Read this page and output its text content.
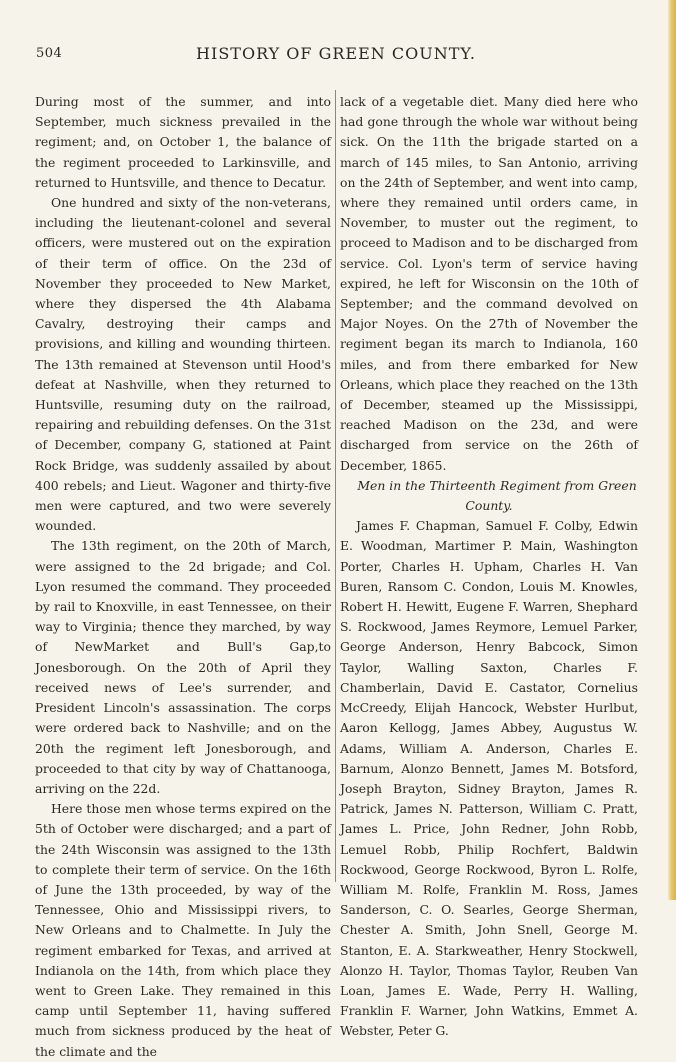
504	HISTORY OF GREEN COUNTY.

During most of the summer, and into September, much sickness prevailed in the regiment; and, on October 1, the balance of the regiment proceeded to Larkinsville, and returned to Huntsville, and thence to Decatur.

One hundred and sixty of the non-veterans, including the lieutenant-colonel and several officers, were mustered out on the expiration of their term of office. On the 23d of November they proceeded to New Market, where they dispersed the 4th Alabama Cavalry, destroying their camps and provisions, and killing and wounding thirteen. The 13th remained at Stevenson until Hood's defeat at Nashville, when they returned to Huntsville, resuming duty on the railroad, repairing and rebuilding defenses. On the 31st of December, company G, stationed at Paint Rock Bridge, was suddenly assailed by about 400 rebels; and Lieut. Wagoner and thirty-five men were captured, and two were severely wounded.

The 13th regiment, on the 20th of March, were assigned to the 2d brigade; and Col. Lyon resumed the command. They proceeded by rail to Knoxville, in east Tennessee, on their way to Virginia; thence they marched, by way of NewMarket and Bull's Gap,to Jonesborough. On the 20th of April they received news of Lee's surrender, and President Lincoln's assassination. The corps were ordered back to Nashville; and on the 20th the regiment left Jonesborough, and proceeded to that city by way of Chattanooga, arriving on the 22d.

Here those men whose terms expired on the 5th of October were discharged; and a part of the 24th Wisconsin was assigned to the 13th to complete their term of service. On the 16th of June the 13th proceeded, by way of the Tennessee, Ohio and Mississippi rivers, to New Orleans and to Chalmette. In July the regiment embarked for Texas, and arrived at Indianola on the 14th, from which place they went to Green Lake. They remained in this camp until September 11, having suffered much from sickness produced by the heat of the climate and the

lack of a vegetable diet. Many died here who had gone through the whole war without being sick. On the 11th the brigade started on a march of 145 miles, to San Antonio, arriving on the 24th of September, and went into camp, where they remained until orders came, in November, to muster out the regiment, to proceed to Madison and to be discharged from service. Col. Lyon's term of service having expired, he left for Wisconsin on the 10th of September; and the command devolved on Major Noyes. On the 27th of November the regiment began its march to Indianola, 160 miles, and from there embarked for New Orleans, which place they reached on the 13th of December, steamed up the Mississippi, reached Madison on the 23d, and were discharged from service on the 26th of December, 1865.

Men in the Thirteenth Regiment from Green County.

James F. Chapman, Samuel F. Colby, Edwin E. Woodman, Martimer P. Main, Washington Porter, Charles H. Upham, Charles H. Van Buren, Ransom C. Condon, Louis M. Knowles, Robert H. Hewitt, Eugene F. Warren, Shephard S. Rockwood, James Reymore, Lemuel Parker, George Anderson, Henry Babcock, Simon Taylor, Walling Saxton, Charles F. Chamberlain, David E. Castator, Cornelius McCreedy, Elijah Hancock, Webster Hurlbut, Aaron Kellogg, James Abbey, Augustus W. Adams, William A. Anderson, Charles E. Barnum, Alonzo Bennett, James M. Botsford, Joseph Brayton, Sidney Brayton, James R. Patrick, James N. Patterson, William C. Pratt, James L. Price, John Redner, John Robb, Lemuel Robb, Philip Rochfert, Baldwin Rockwood, George Rockwood, Byron L. Rolfe, William M. Rolfe, Franklin M. Ross, James Sanderson, C. O. Searles, George Sherman, Chester A. Smith, John Snell, George M. Stanton, E. A. Starkweather, Henry Stockwell, Alonzo H. Taylor, Thomas Taylor, Reuben Van Loan, James E. Wade, Perry H. Walling, Franklin F. Warner, John Watkins, Emmet A. Webster, Peter G.
